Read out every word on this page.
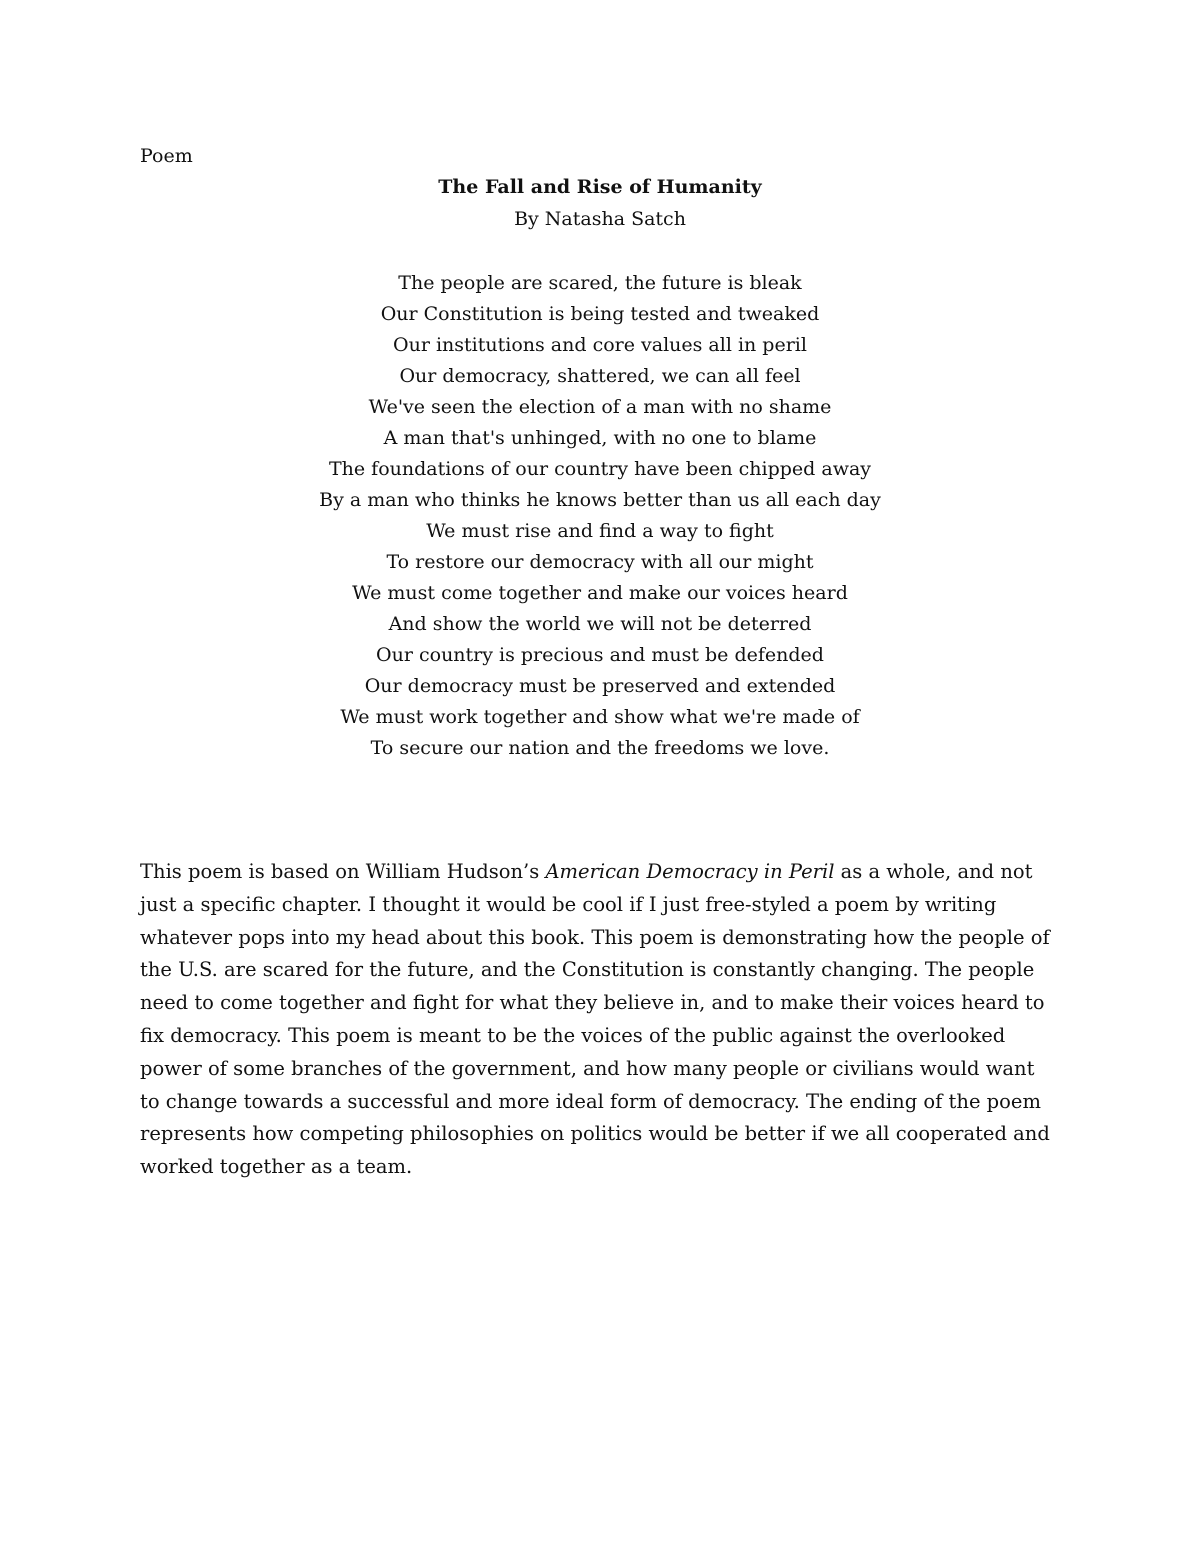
Poem

The Fall and Rise of Humanity

By Natasha Satch

The people are scared, the future is bleak
Our Constitution is being tested and tweaked
Our institutions and core values all in peril
Our democracy, shattered, we can all feel
We've seen the election of a man with no shame
A man that's unhinged, with no one to blame
The foundations of our country have been chipped away
By a man who thinks he knows better than us all each day
We must rise and find a way to fight
To restore our democracy with all our might
We must come together and make our voices heard
And show the world we will not be deterred
Our country is precious and must be defended
Our democracy must be preserved and extended
We must work together and show what we're made of
To secure our nation and the freedoms we love.

This poem is based on William Hudson’s American Democracy in Peril as a whole, and not just a specific chapter. I thought it would be cool if I just free-styled a poem by writing whatever pops into my head about this book. This poem is demonstrating how the people of the U.S. are scared for the future, and the Constitution is constantly changing. The people need to come together and fight for what they believe in, and to make their voices heard to fix democracy. This poem is meant to be the voices of the public against the overlooked power of some branches of the government, and how many people or civilians would want to change towards a successful and more ideal form of democracy. The ending of the poem represents how competing philosophies on politics would be better if we all cooperated and worked together as a team.
